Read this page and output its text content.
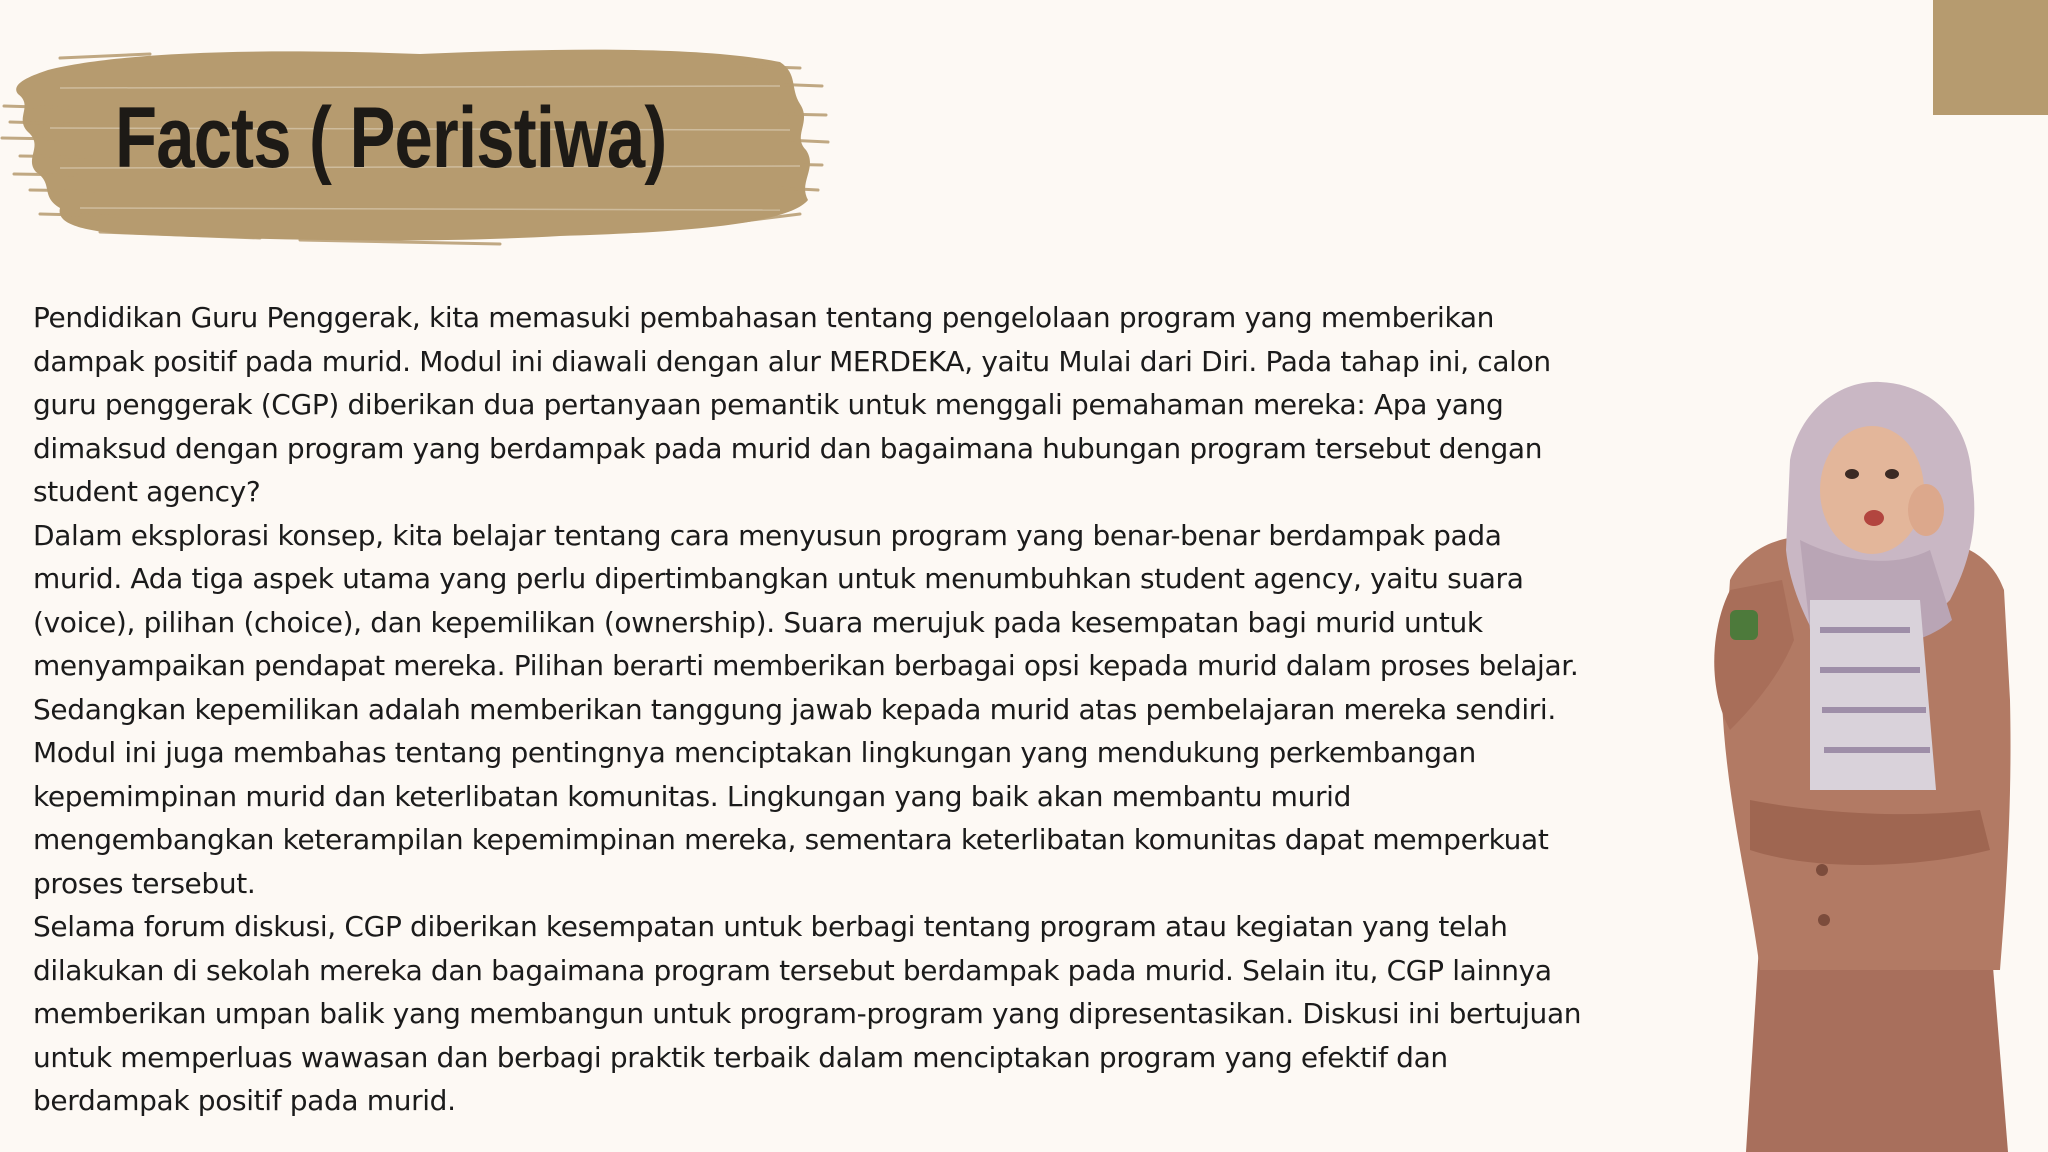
Facts ( Peristiwa)
Pendidikan Guru Penggerak, kita memasuki pembahasan tentang pengelolaan program yang memberikan
dampak positif pada murid. Modul ini diawali dengan alur MERDEKA, yaitu Mulai dari Diri. Pada tahap ini, calon
guru penggerak (CGP) diberikan dua pertanyaan pemantik untuk menggali pemahaman mereka: Apa yang
dimaksud dengan program yang berdampak pada murid dan bagaimana hubungan program tersebut dengan
student agency?
Dalam eksplorasi konsep, kita belajar tentang cara menyusun program yang benar-benar berdampak pada
murid. Ada tiga aspek utama yang perlu dipertimbangkan untuk menumbuhkan student agency, yaitu suara
(voice), pilihan (choice), dan kepemilikan (ownership). Suara merujuk pada kesempatan bagi murid untuk
menyampaikan pendapat mereka. Pilihan berarti memberikan berbagai opsi kepada murid dalam proses belajar.
Sedangkan kepemilikan adalah memberikan tanggung jawab kepada murid atas pembelajaran mereka sendiri.
Modul ini juga membahas tentang pentingnya menciptakan lingkungan yang mendukung perkembangan
kepemimpinan murid dan keterlibatan komunitas. Lingkungan yang baik akan membantu murid
mengembangkan keterampilan kepemimpinan mereka, sementara keterlibatan komunitas dapat memperkuat
proses tersebut.
Selama forum diskusi, CGP diberikan kesempatan untuk berbagi tentang program atau kegiatan yang telah
dilakukan di sekolah mereka dan bagaimana program tersebut berdampak pada murid. Selain itu, CGP lainnya
memberikan umpan balik yang membangun untuk program-program yang dipresentasikan. Diskusi ini bertujuan
untuk memperluas wawasan dan berbagi praktik terbaik dalam menciptakan program yang efektif dan
berdampak positif pada murid.
